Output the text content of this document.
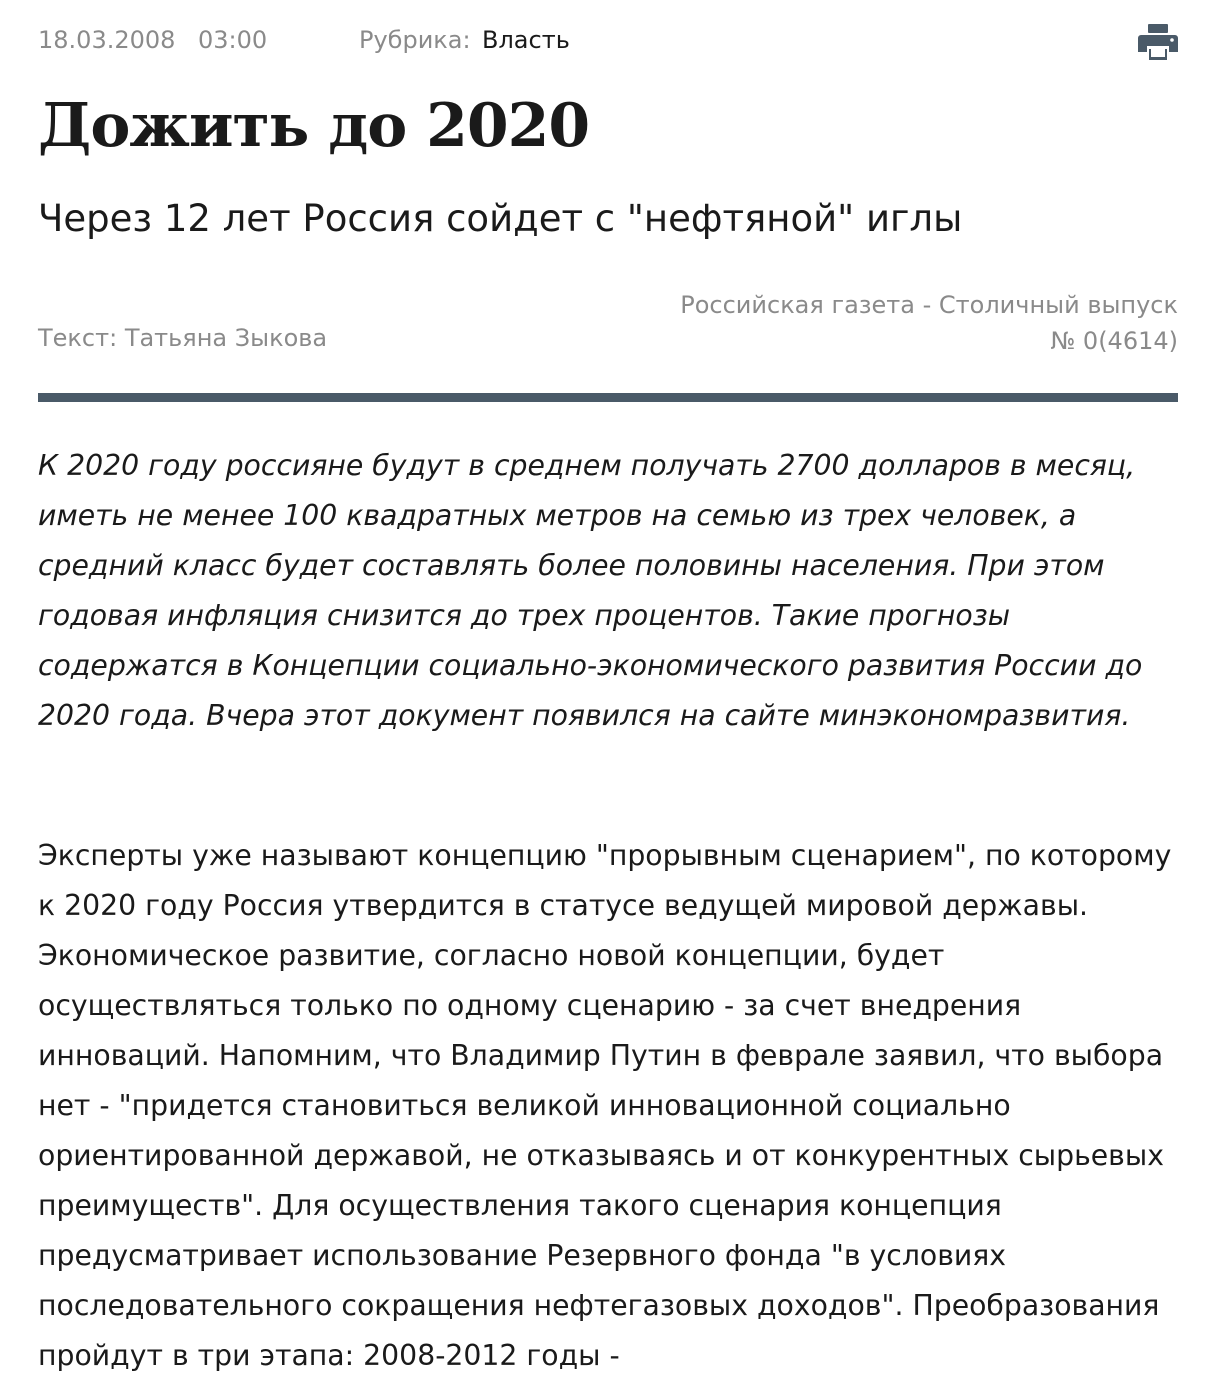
18.03.2008 03:00	Рубрика: Власть
Дожить до 2020
Через 12 лет Россия сойдет с "нефтяной" иглы
Текст: Татьяна Зыкова
Российская газета - Столичный выпуск
№ 0(4614)

К 2020 году россияне будут в среднем получать 2700 долларов в месяц, иметь не менее 100 квадратных метров на семью из трех человек, а средний класс будет составлять более половины населения. При этом годовая инфляция снизится до трех процентов. Такие прогнозы содержатся в Концепции социально-экономического развития России до 2020 года. Вчера этот документ появился на сайте минэкономразвития.

Эксперты уже называют концепцию "прорывным сценарием", по которому к 2020 году Россия утвердится в статусе ведущей мировой державы. Экономическое развитие, согласно новой концепции, будет осуществляться только по одному сценарию - за счет внедрения инноваций. Напомним, что Владимир Путин в феврале заявил, что выбора нет - "придется становиться великой инновационной социально ориентированной державой, не отказываясь и от конкурентных сырьевых преимуществ". Для осуществления такого сценария концепция предусматривает использование Резервного фонда "в условиях последовательного сокращения нефтегазовых доходов". Преобразования пройдут в три этапа: 2008-2012 годы -
